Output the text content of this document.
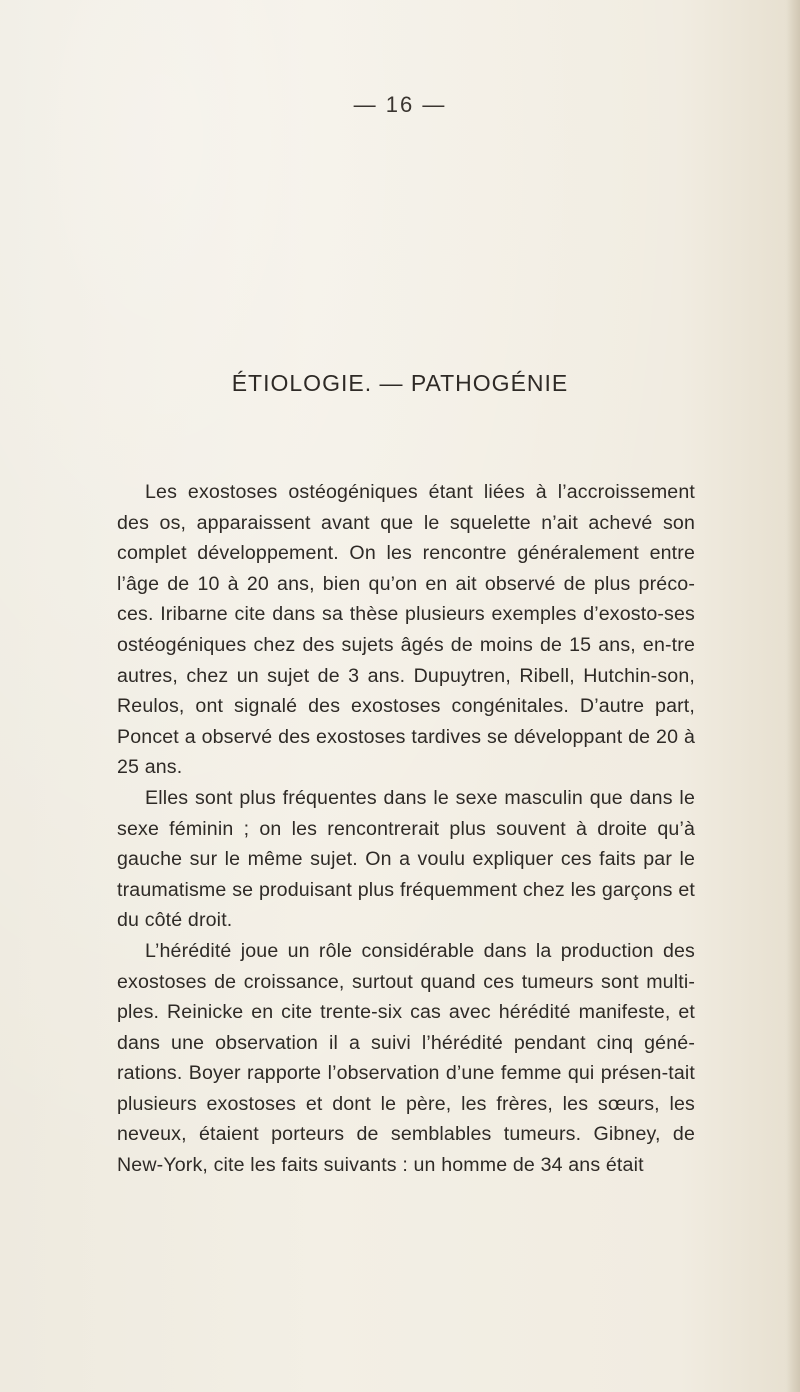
— 16 —
ÉTIOLOGIE. — PATHOGÉNIE

Les exostoses ostéogéniques étant liées à l’accroissement des os, apparaissent avant que le squelette n’ait achevé son complet développement. On les rencontre généralement entre l’âge de 10 à 20 ans, bien qu’on en ait observé de plus préco-ces. Iribarne cite dans sa thèse plusieurs exemples d’exosto-ses ostéogéniques chez des sujets âgés de moins de 15 ans, en-tre autres, chez un sujet de 3 ans. Dupuytren, Ribell, Hutchin-son, Reulos, ont signalé des exostoses congénitales. D’autre part, Poncet a observé des exostoses tardives se développant de 20 à 25 ans.

Elles sont plus fréquentes dans le sexe masculin que dans le sexe féminin ; on les rencontrerait plus souvent à droite qu’à gauche sur le même sujet. On a voulu expliquer ces faits par le traumatisme se produisant plus fréquemment chez les garçons et du côté droit.

L’hérédité joue un rôle considérable dans la production des exostoses de croissance, surtout quand ces tumeurs sont multi-ples. Reinicke en cite trente-six cas avec hérédité manifeste, et dans une observation il a suivi l’hérédité pendant cinq géné-rations. Boyer rapporte l’observation d’une femme qui présen-tait plusieurs exostoses et dont le père, les frères, les sœurs, les neveux, étaient porteurs de semblables tumeurs. Gibney, de New-York, cite les faits suivants : un homme de 34 ans était
